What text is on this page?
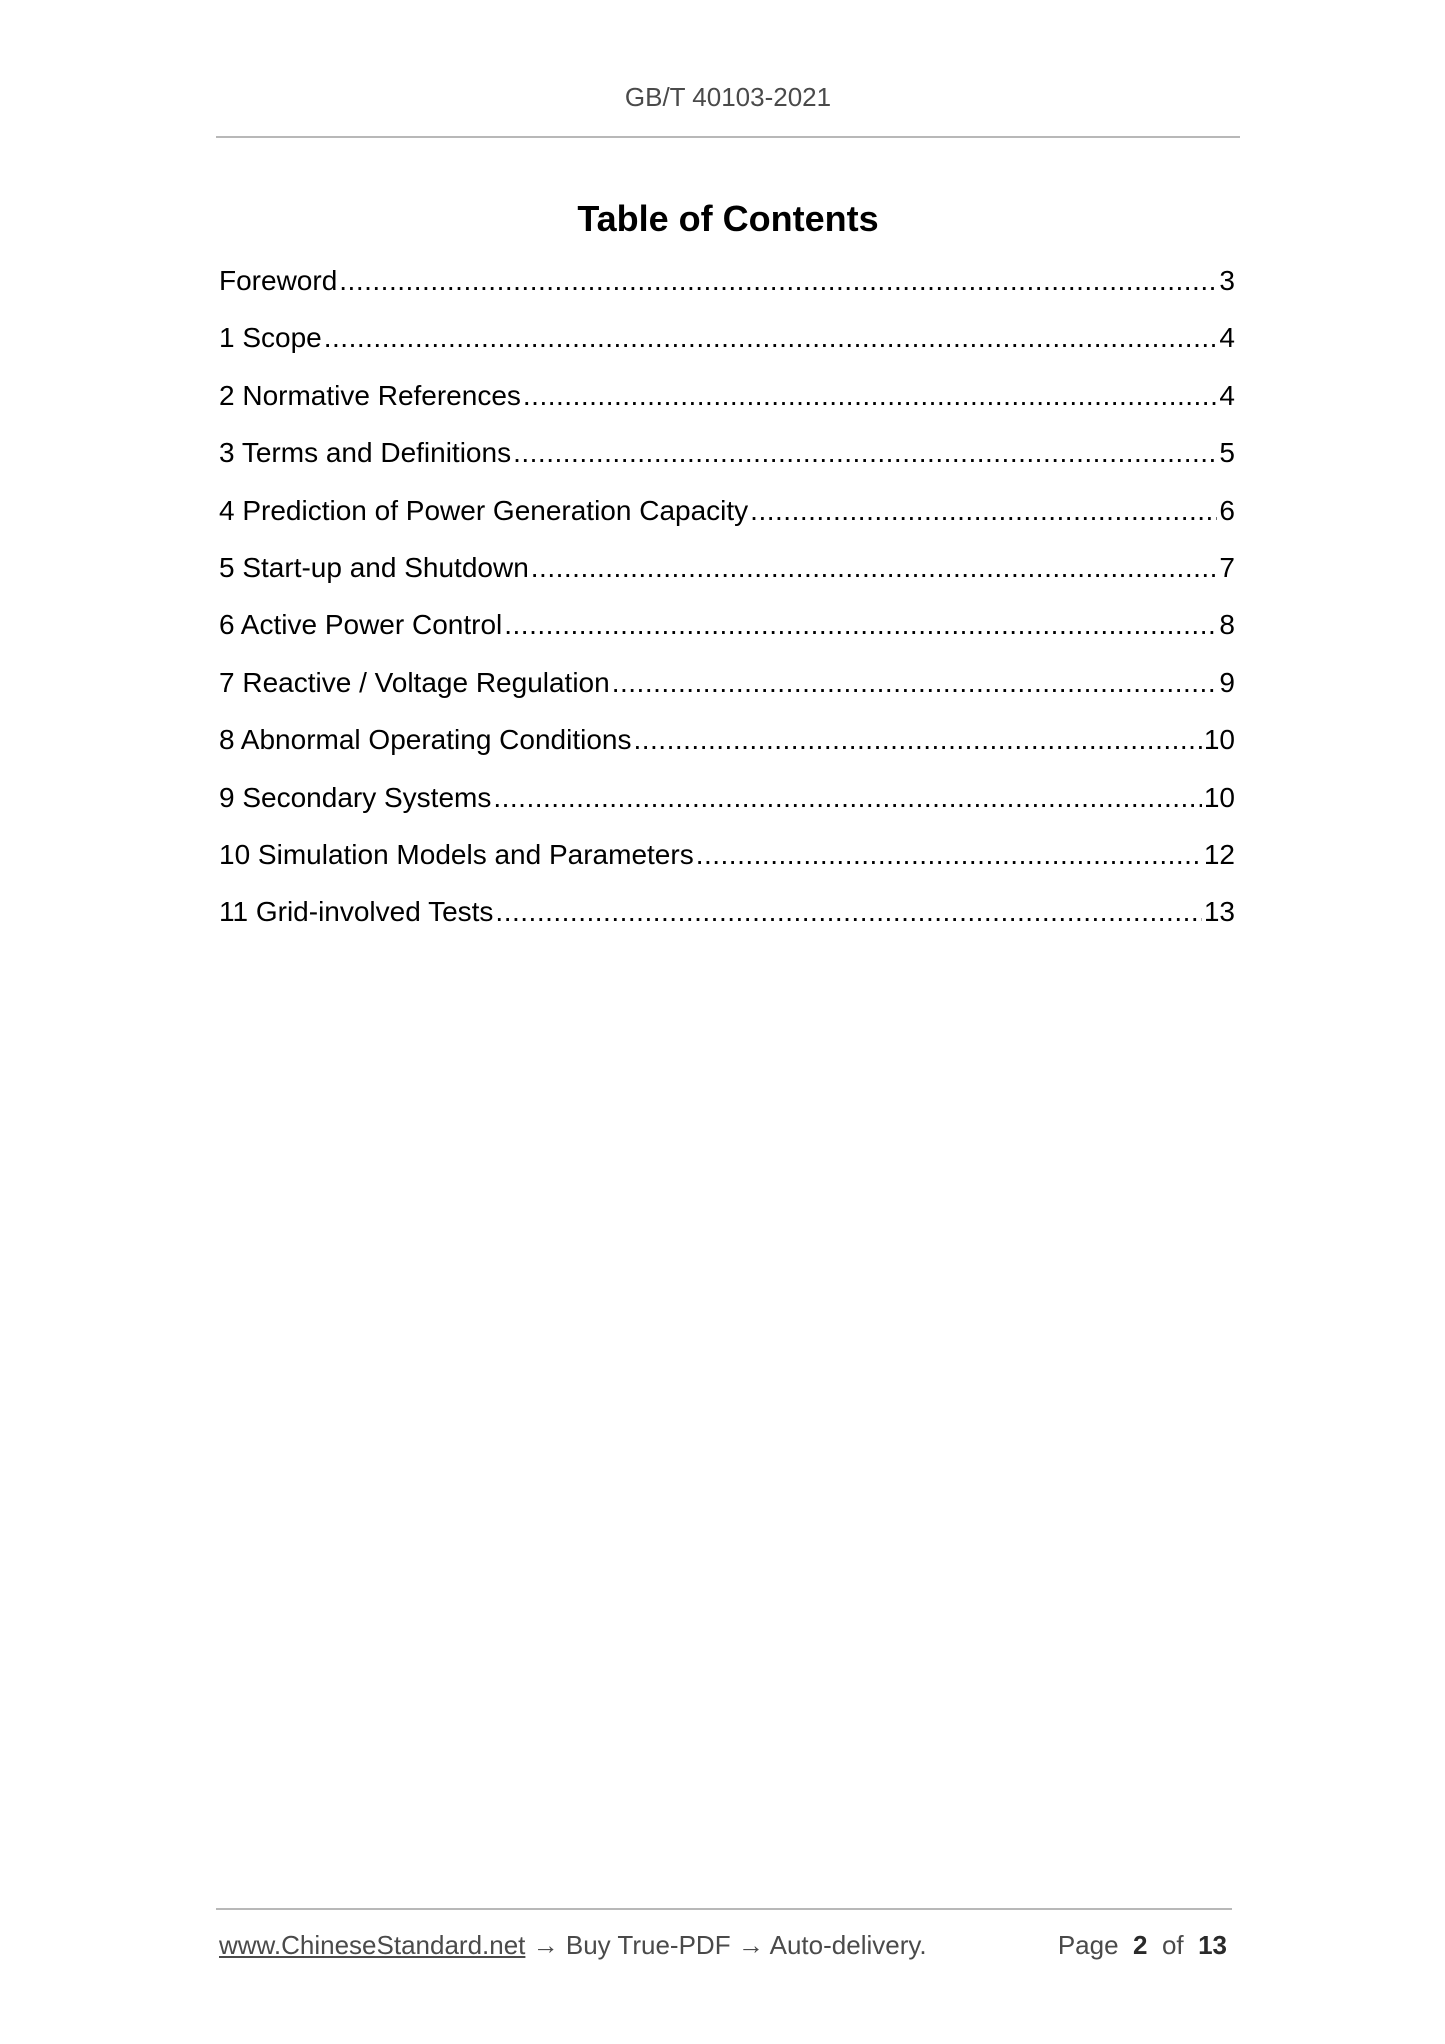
GB/T 40103-2021
Table of Contents
Foreword .....	3
1 Scope .....	4
2 Normative References .....	4
3 Terms and Definitions .....	5
4 Prediction of Power Generation Capacity .....	6
5 Start-up and Shutdown .....	7
6 Active Power Control .....	8
7 Reactive / Voltage Regulation .....	9
8 Abnormal Operating Conditions .....	10
9 Secondary Systems .....	10
10 Simulation Models and Parameters .....	12
11 Grid-involved Tests .....	13
www.ChineseStandard.net → Buy True-PDF → Auto-delivery.	Page 2 of 13
